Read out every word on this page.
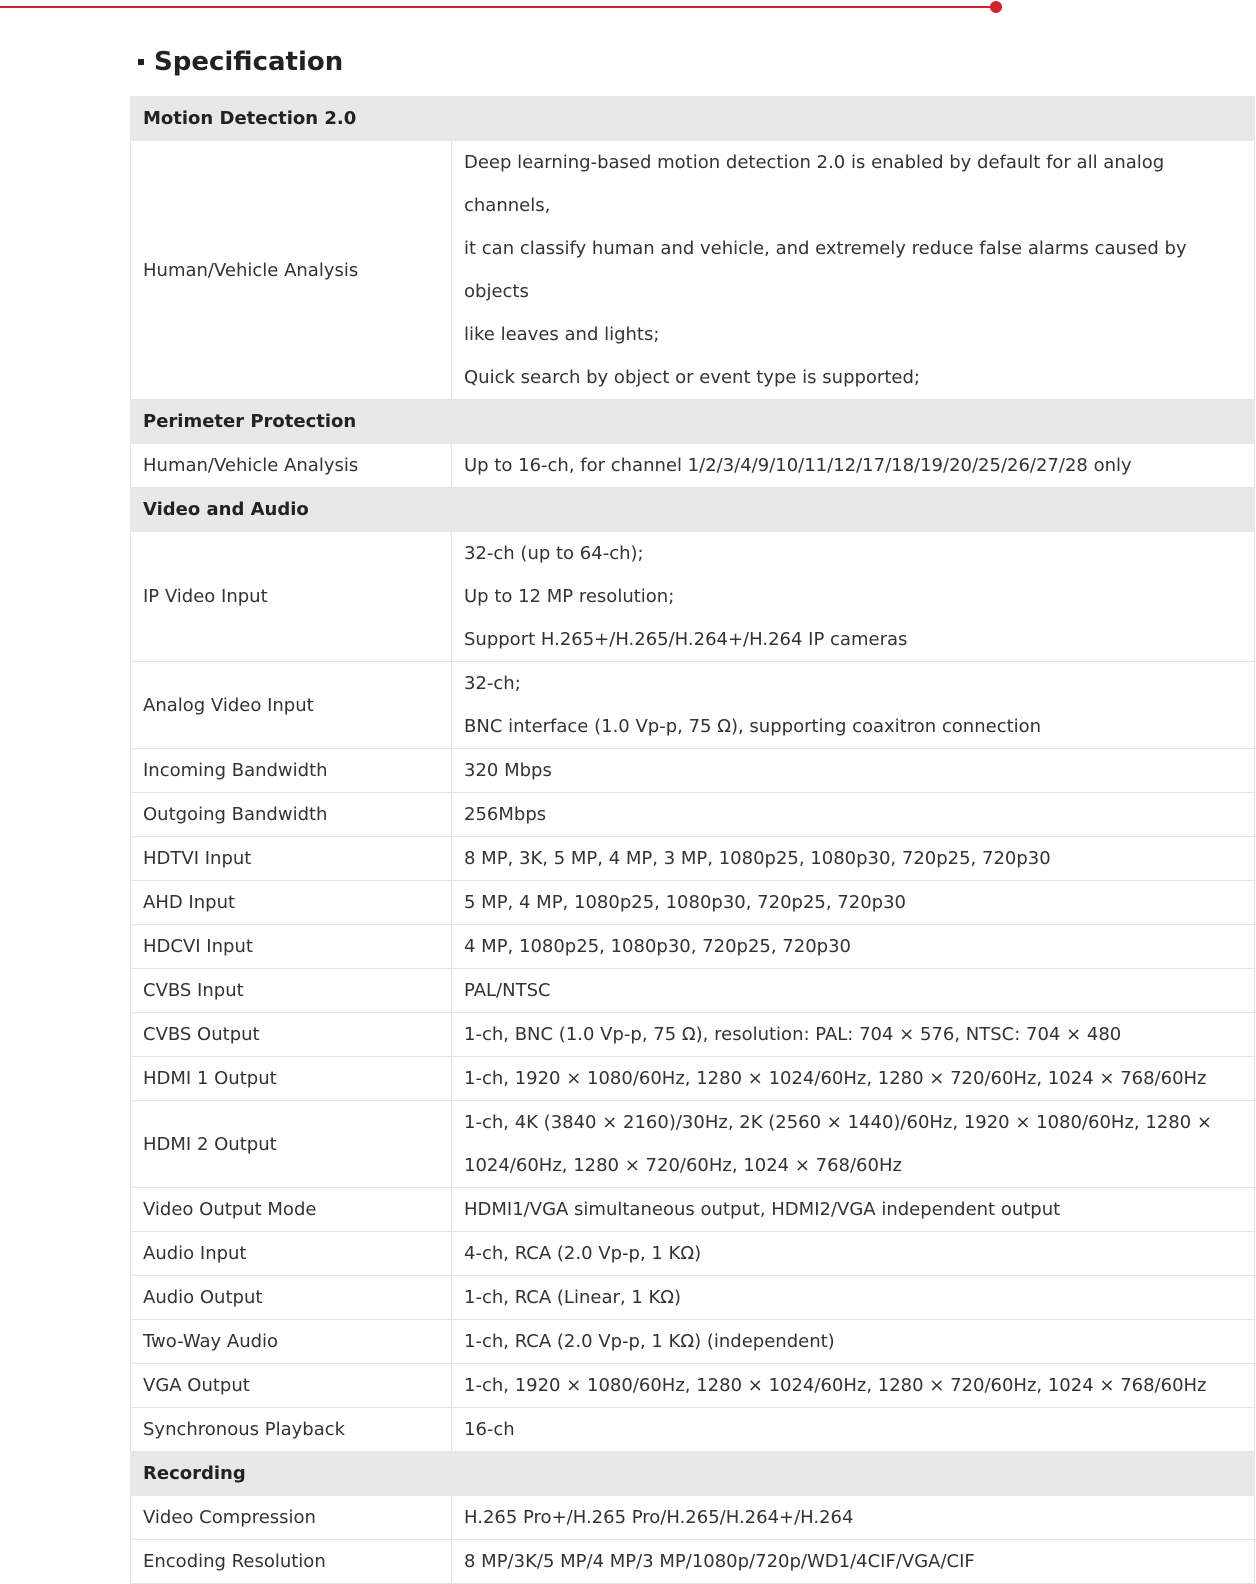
Specification
Motion Detection 2.0	
Human/Vehicle Analysis	Deep learning-based motion detection 2.0 is enabled by default for all analog channels,
it can classify human and vehicle, and extremely reduce false alarms caused by objects
like leaves and lights;
Quick search by object or event type is supported;

Perimeter Protection	
Human/Vehicle Analysis	Up to 16-ch, for channel 1/2/3/4/9/10/11/12/17/18/19/20/25/26/27/28 only

Video and Audio	
IP Video Input	32-ch (up to 64-ch);
Up to 12 MP resolution;
Support H.265+/H.265/H.264+/H.264 IP cameras

Analog Video Input	32-ch;
BNC interface (1.0 Vp-p, 75 Ω), supporting coaxitron connection

Incoming Bandwidth	320 Mbps

Outgoing Bandwidth	256Mbps

HDTVI Input	8 MP, 3K, 5 MP, 4 MP, 3 MP, 1080p25, 1080p30, 720p25, 720p30

AHD Input	5 MP, 4 MP, 1080p25, 1080p30, 720p25, 720p30

HDCVI Input	4 MP, 1080p25, 1080p30, 720p25, 720p30

CVBS Input	PAL/NTSC

CVBS Output	1-ch, BNC (1.0 Vp-p, 75 Ω), resolution: PAL: 704 × 576, NTSC: 704 × 480

HDMI 1 Output	1-ch, 1920 × 1080/60Hz, 1280 × 1024/60Hz, 1280 × 720/60Hz, 1024 × 768/60Hz

HDMI 2 Output	1-ch, 4K (3840 × 2160)/30Hz, 2K (2560 × 1440)/60Hz, 1920 × 1080/60Hz, 1280 ×
1024/60Hz, 1280 × 720/60Hz, 1024 × 768/60Hz

Video Output Mode	HDMI1/VGA simultaneous output, HDMI2/VGA independent output

Audio Input	4-ch, RCA (2.0 Vp-p, 1 KΩ)

Audio Output	1-ch, RCA (Linear, 1 KΩ)

Two-Way Audio	1-ch, RCA (2.0 Vp-p, 1 KΩ) (independent)

VGA Output	1-ch, 1920 × 1080/60Hz, 1280 × 1024/60Hz, 1280 × 720/60Hz, 1024 × 768/60Hz

Synchronous Playback	16-ch

Recording	
Video Compression	H.265 Pro+/H.265 Pro/H.265/H.264+/H.264

Encoding Resolution	8 MP/3K/5 MP/4 MP/3 MP/1080p/720p/WD1/4CIF/VGA/CIF
